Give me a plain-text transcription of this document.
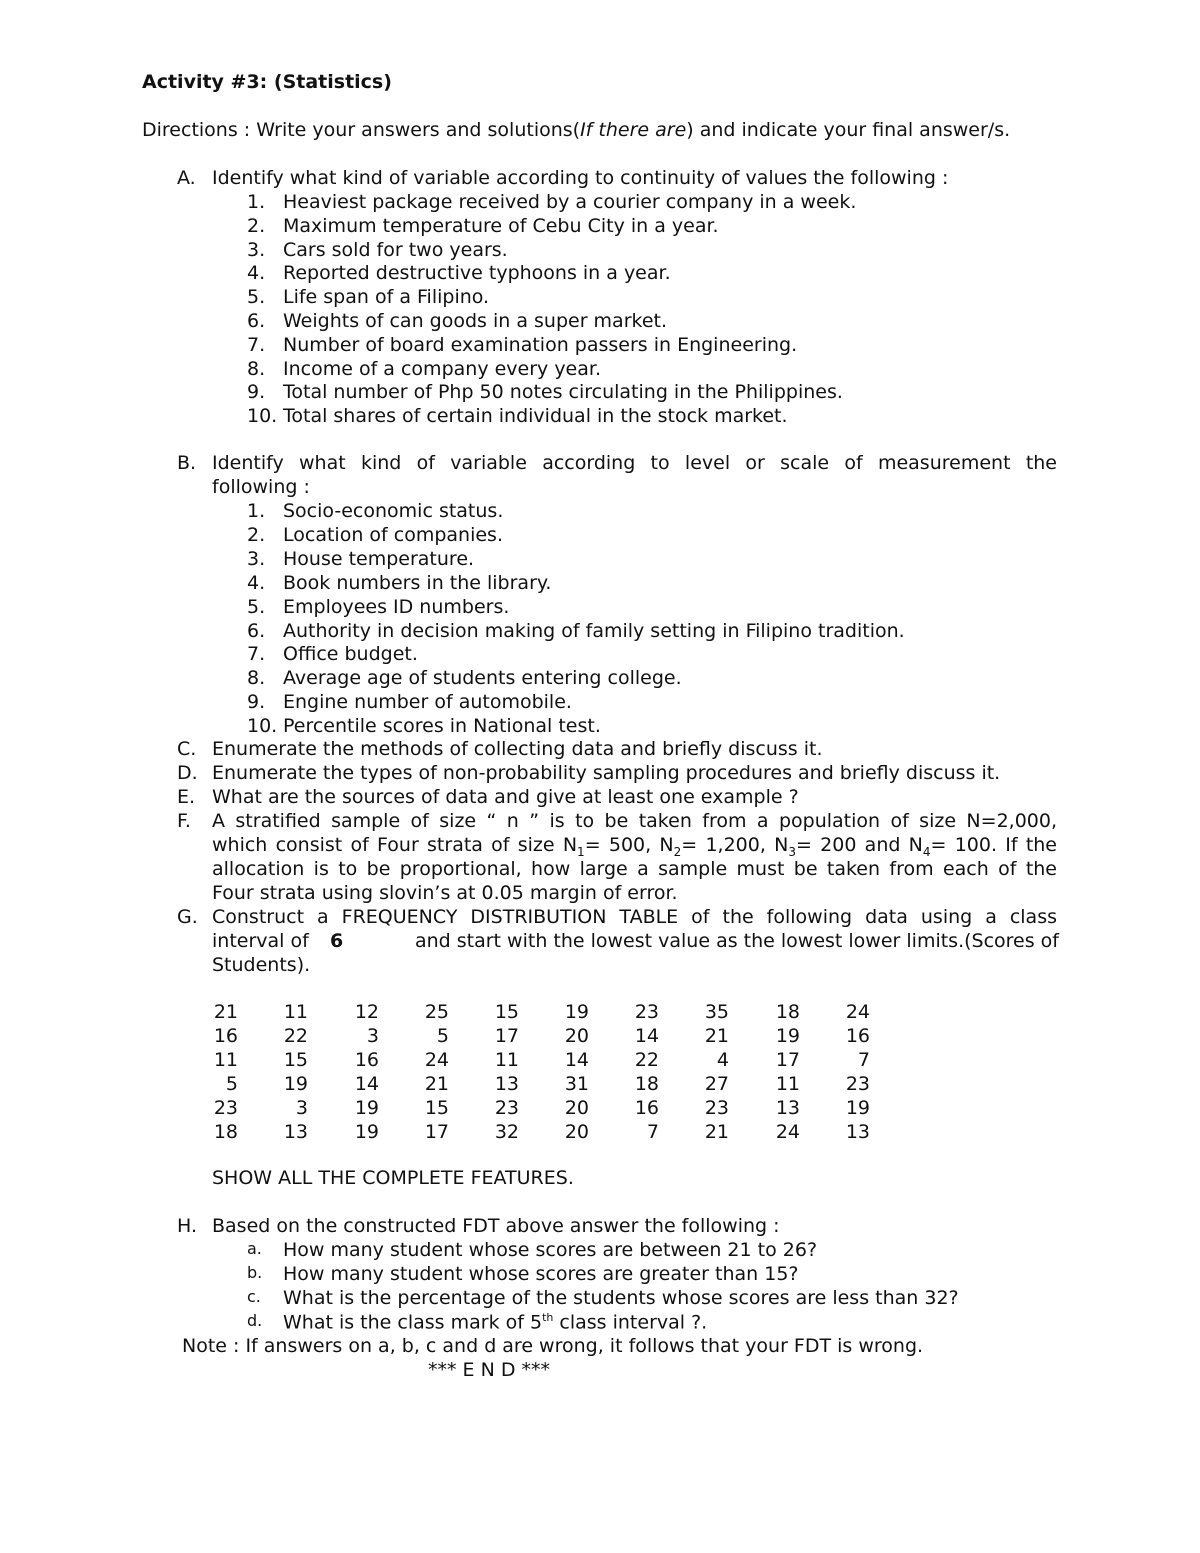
Activity #3: (Statistics)
Directions : Write your answers and solutions(If there are) and indicate your final answer/s.
A. Identify what kind of variable according to continuity of values the following :
1. Heaviest package received by a courier company in a week.
2. Maximum temperature of Cebu City in a year.
3. Cars sold for two years.
4. Reported destructive typhoons in a year.
5. Life span of a Filipino.
6. Weights of can goods in a super market.
7. Number of board examination passers in Engineering.
8. Income of a company every year.
9. Total number of Php 50 notes circulating in the Philippines.
10. Total shares of certain individual in the stock market.
B. Identify what kind of variable according to level or scale of measurement the
following :
1. Socio-economic status.
2. Location of companies.
3. House temperature.
4. Book numbers in the library.
5. Employees ID numbers.
6. Authority in decision making of family setting in Filipino tradition.
7. Office budget.
8. Average age of students entering college.
9. Engine number of automobile.
10. Percentile scores in National test.
C. Enumerate the methods of collecting data and briefly discuss it.
D. Enumerate the types of non-probability sampling procedures and briefly discuss it.
E. What are the sources of data and give at least one example ?
F. A stratified sample of size “ n ” is to be taken from a population of size N=2,000,
which consist of Four strata of size $N_1= 500$, $N_2= 1,200$, $N_3= 200$ and $N_4= 100$. If the
allocation is to be proportional, how large a sample must be taken from each of the
Four strata using slovin’s at 0.05 margin of error.
G. Construct a FREQUENCY DISTRIBUTION TABLE of the following data using a class
interval of 6	and start with the lowest value as the lowest lower limits.(Scores of
Students).
21 11 12 25 15 19 23 35 18 24
16 22	3	5 17 20 14 21 19 16
11 15 16 24 11 14 22	4 17	7
5 19 14 21 13 31 18 27 11 23
23	3 19 15 23 20 16 23 13 19
18 13 19 17 32 20	7 21 24 13
SHOW ALL THE COMPLETE FEATURES.
H. Based on the constructed FDT above answer the following :
a. How many student whose scores are between 21 to 26?
b. How many student whose scores are greater than 15?
c. What is the percentage of the students whose scores are less than 32?
d. What is the class mark of 5th class interval ?.
Note : If answers on a, b, c and d are wrong, it follows that your FDT is wrong.
*** E N D ***
